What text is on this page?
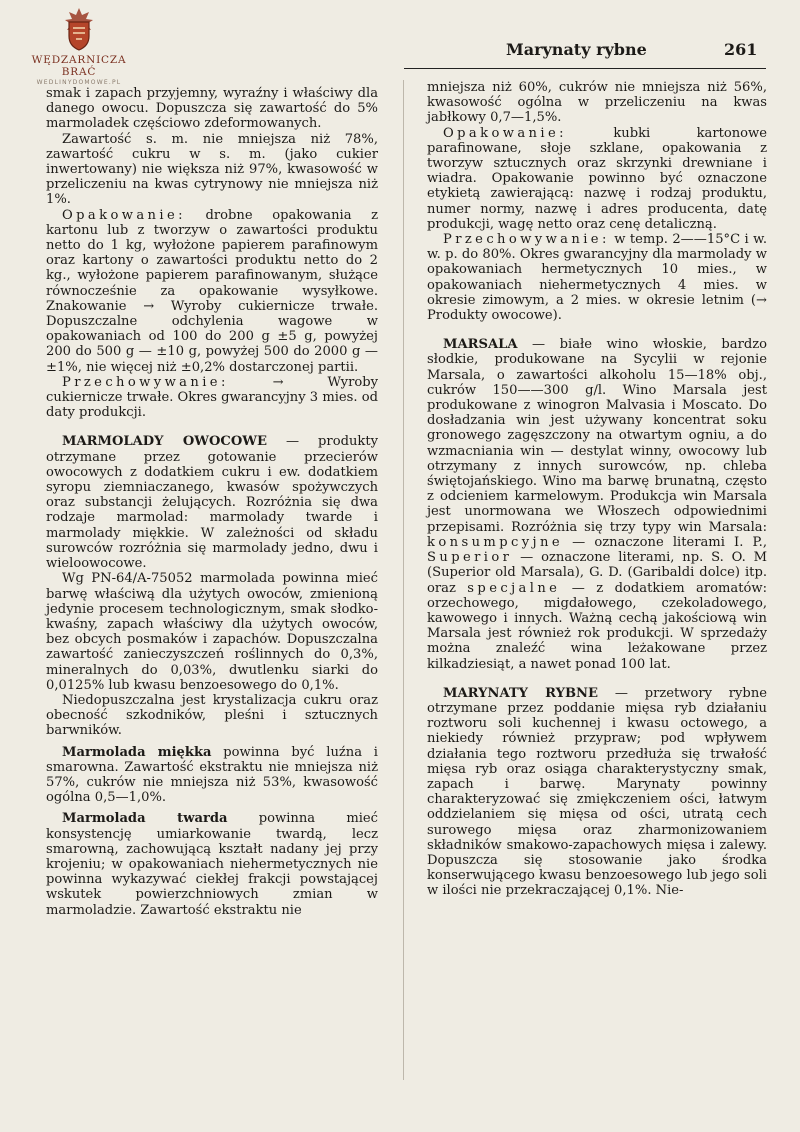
WĘDZARNICZA BRAĆ
WEDLINYDOMOWE.PL
Marynaty rybne	261

smak i zapach przyjemny, wyraźny i właściwy dla danego owocu. Dopuszcza się zawartość do 5% marmoladek częściowo zdeformowanych.

Zawartość s. m. nie mniejsza niż 78%, zawartość cukru w s. m. (jako cukier inwertowany) nie większa niż 97%, kwasowość w przeliczeniu na kwas cytrynowy nie mniejsza niż 1%.

Opakowanie: drobne opakowania z kartonu lub z tworzyw o zawartości produktu netto do 1 kg, wyłożone papierem parafinowym oraz kartony o zawartości produktu netto do 2 kg., wyłożone papierem parafinowanym, służące równocześnie za opakowanie wysyłkowe. Znakowanie → Wyroby cukiernicze trwałe. Dopuszczalne odchylenia wagowe w opakowaniach od 100 do 200 g ±5 g, powyżej 200 do 500 g — ±10 g, powyżej 500 do 2000 g — ±1%, nie więcej niż ±0,2% dostarczonej partii.

Przechowywanie:	→ Wyroby cukiernicze trwałe. Okres gwarancyjny 3 mies. od daty produkcji.

MARMOLADY OWOCOWE — produkty otrzymane przez gotowanie przecierów owocowych z dodatkiem cukru i ew. dodatkiem syropu ziemniaczanego, kwasów spożywczych oraz substancji żelujących. Rozróżnia się dwa rodzaje marmolad: marmolady twarde i marmolady miękkie. W zależności od składu surowców rozróżnia się marmolady jedno, dwu i wieloowocowe.

Wg PN-64/A-75052 marmolada powinna mieć barwę właściwą dla użytych owoców, zmienioną jedynie procesem technologicznym, smak słodko-kwaśny, zapach właściwy dla użytych owoców, bez obcych posmaków i zapachów. Dopuszczalna zawartość zanieczyszczeń roślinnych do 0,3%, mineralnych do 0,03%, dwutlenku siarki do 0,0125% lub kwasu benzoesowego do 0,1%.

Niedopuszczalna jest krystalizacja cukru oraz obecność szkodników, pleśni i sztucznych barwników.

Marmolada miękka powinna być luźna i smarowna. Zawartość ekstraktu nie mniejsza niż 57%, cukrów nie mniejsza niż 53%, kwasowość ogólna 0,5—1,0%.

Marmolada twarda powinna mieć konsystencję umiarkowanie twardą, lecz smarowną, zachowującą kształt nadany jej przy krojeniu; w opakowaniach niehermetycznych nie powinna wykazywać ciekłej frakcji powstającej wskutek powierzchniowych zmian w marmoladzie. Zawartość ekstraktu nie

mniejsza niż 60%, cukrów nie mniejsza niż 56%, kwasowość ogólna w przeliczeniu na kwas jabłkowy 0,7—1,5%.

Opakowanie:	kubki kartonowe parafinowane, słoje szklane, opakowania z tworzyw sztucznych oraz skrzynki drewniane i wiadra. Opakowanie powinno być oznaczone etykietą zawierającą: nazwę i rodzaj produktu, numer normy, nazwę i adres producenta, datę produkcji, wagę netto oraz cenę detaliczną.

Przechowywanie: w temp. 2——15°C i w. w. p. do 80%. Okres gwarancyjny dla marmolady w opakowaniach hermetycznych 10 mies., w opakowaniach niehermetycznych 4 mies. w okresie zimowym, a 2 mies. w okresie letnim (→ Produkty owocowe).

MARSALA — białe wino włoskie, bardzo słodkie, produkowane na Sycylii w rejonie Marsala, o zawartości alkoholu 15—18% obj., cukrów 150——300 g/l. Wino Marsala jest produkowane z winogron Malvasia i Moscato. Do dosładzania win jest używany koncentrat soku gronowego zagęszczony na otwartym ogniu, a do wzmacniania win — destylat winny, owocowy lub otrzymany z innych surowców, np. chleba świętojańskiego. Wino ma barwę brunatną, często z odcieniem karmelowym. Produkcja win Marsala jest unormowana we Włoszech odpowiednimi przepisami. Rozróżnia się trzy typy win Marsala: konsumpcyjne — oznaczone literami I. P., Superior — oznaczone literami, np. S. O. M (Superior old Marsala), G. D. (Garibaldi dolce) itp. oraz specjalne — z dodatkiem aromatów: orzechowego, migdałowego, czekoladowego, kawowego i innych. Ważną cechą jakościową win Marsala jest również rok produkcji. W sprzedaży można znaleźć wina leżakowane przez kilkadziesiąt, a nawet ponad 100 lat.

MARYNATY RYBNE — przetwory rybne otrzymane przez poddanie mięsa ryb działaniu roztworu soli kuchennej i kwasu octowego, a niekiedy również przypraw; pod wpływem działania tego roztworu przedłuża się trwałość mięsa ryb oraz osiąga charakterystyczny smak, zapach i barwę. Marynaty powinny charakteryzować się zmiękczeniem ości, łatwym oddzielaniem się mięsa od ości, utratą cech surowego mięsa oraz zharmonizowaniem składników smakowo-zapachowych mięsa i zalewy. Dopuszcza się stosowanie jako środka konserwującego kwasu benzoesowego lub jego soli w ilości nie przekraczającej 0,1%. Nie-
